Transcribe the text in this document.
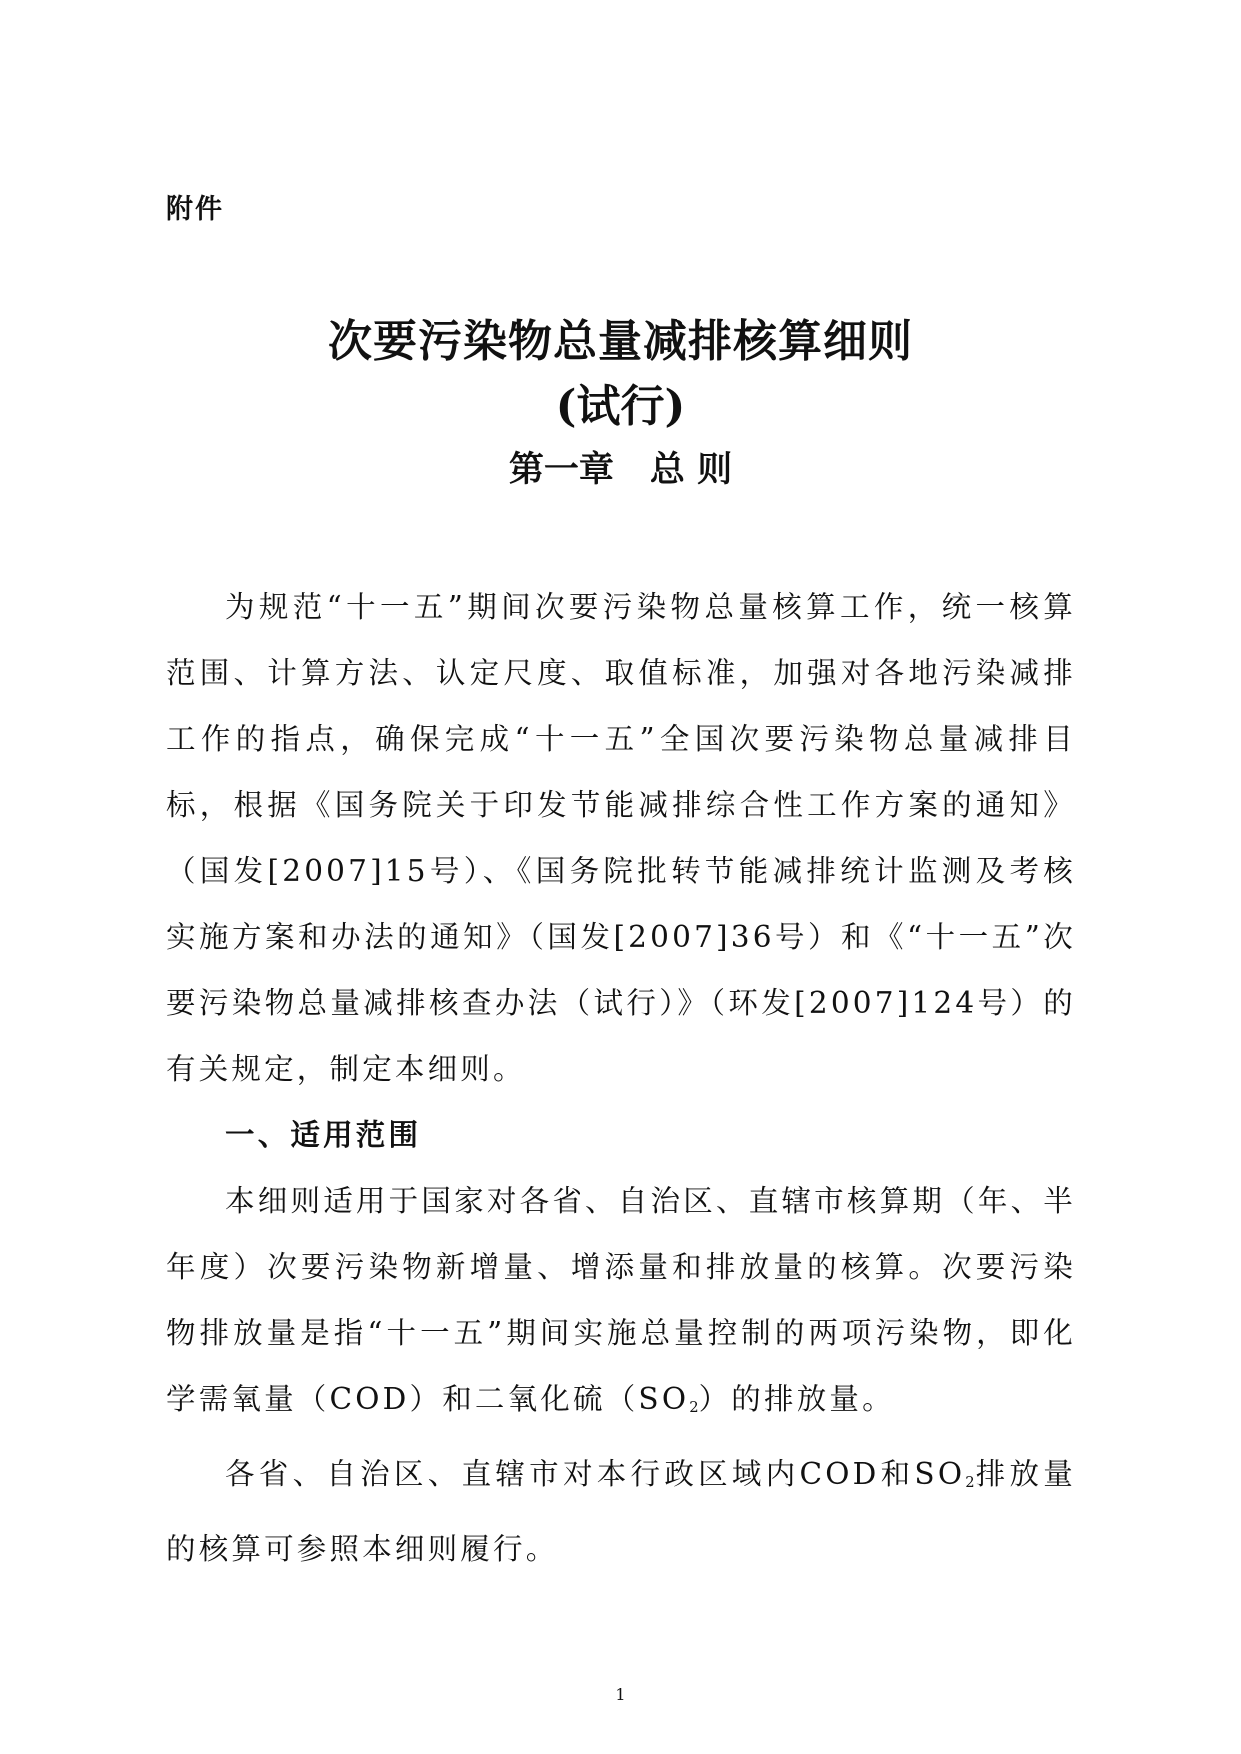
附件
次要污染物总量减排核算细则
(试行)
第一章 总 则

为规范“十一五”期间次要污染物总量核算工作，统一核算范围、计算方法、认定尺度、取值标准，加强对各地污染减排工作的指点，确保完成“十一五”全国次要污染物总量减排目标，根据《国务院关于印发节能减排综合性工作方案的通知》（国发[2007]15号）、《国务院批转节能减排统计监测及考核实施方案和办法的通知》（国发[2007]36号）和《“十一五”次要污染物总量减排核查办法（试行）》（环发[2007]124号）的有关规定，制定本细则。

一、适用范围

本细则适用于国家对各省、自治区、直辖市核算期（年、半年度）次要污染物新增量、增添量和排放量的核算。次要污染物排放量是指“十一五”期间实施总量控制的两项污染物，即化学需氧量（COD）和二氧化硫$(SO_2)$的排放量。

各省、自治区、直辖市对本行政区域内COD和$SO_2$排放量的核算可参照本细则履行。

1
